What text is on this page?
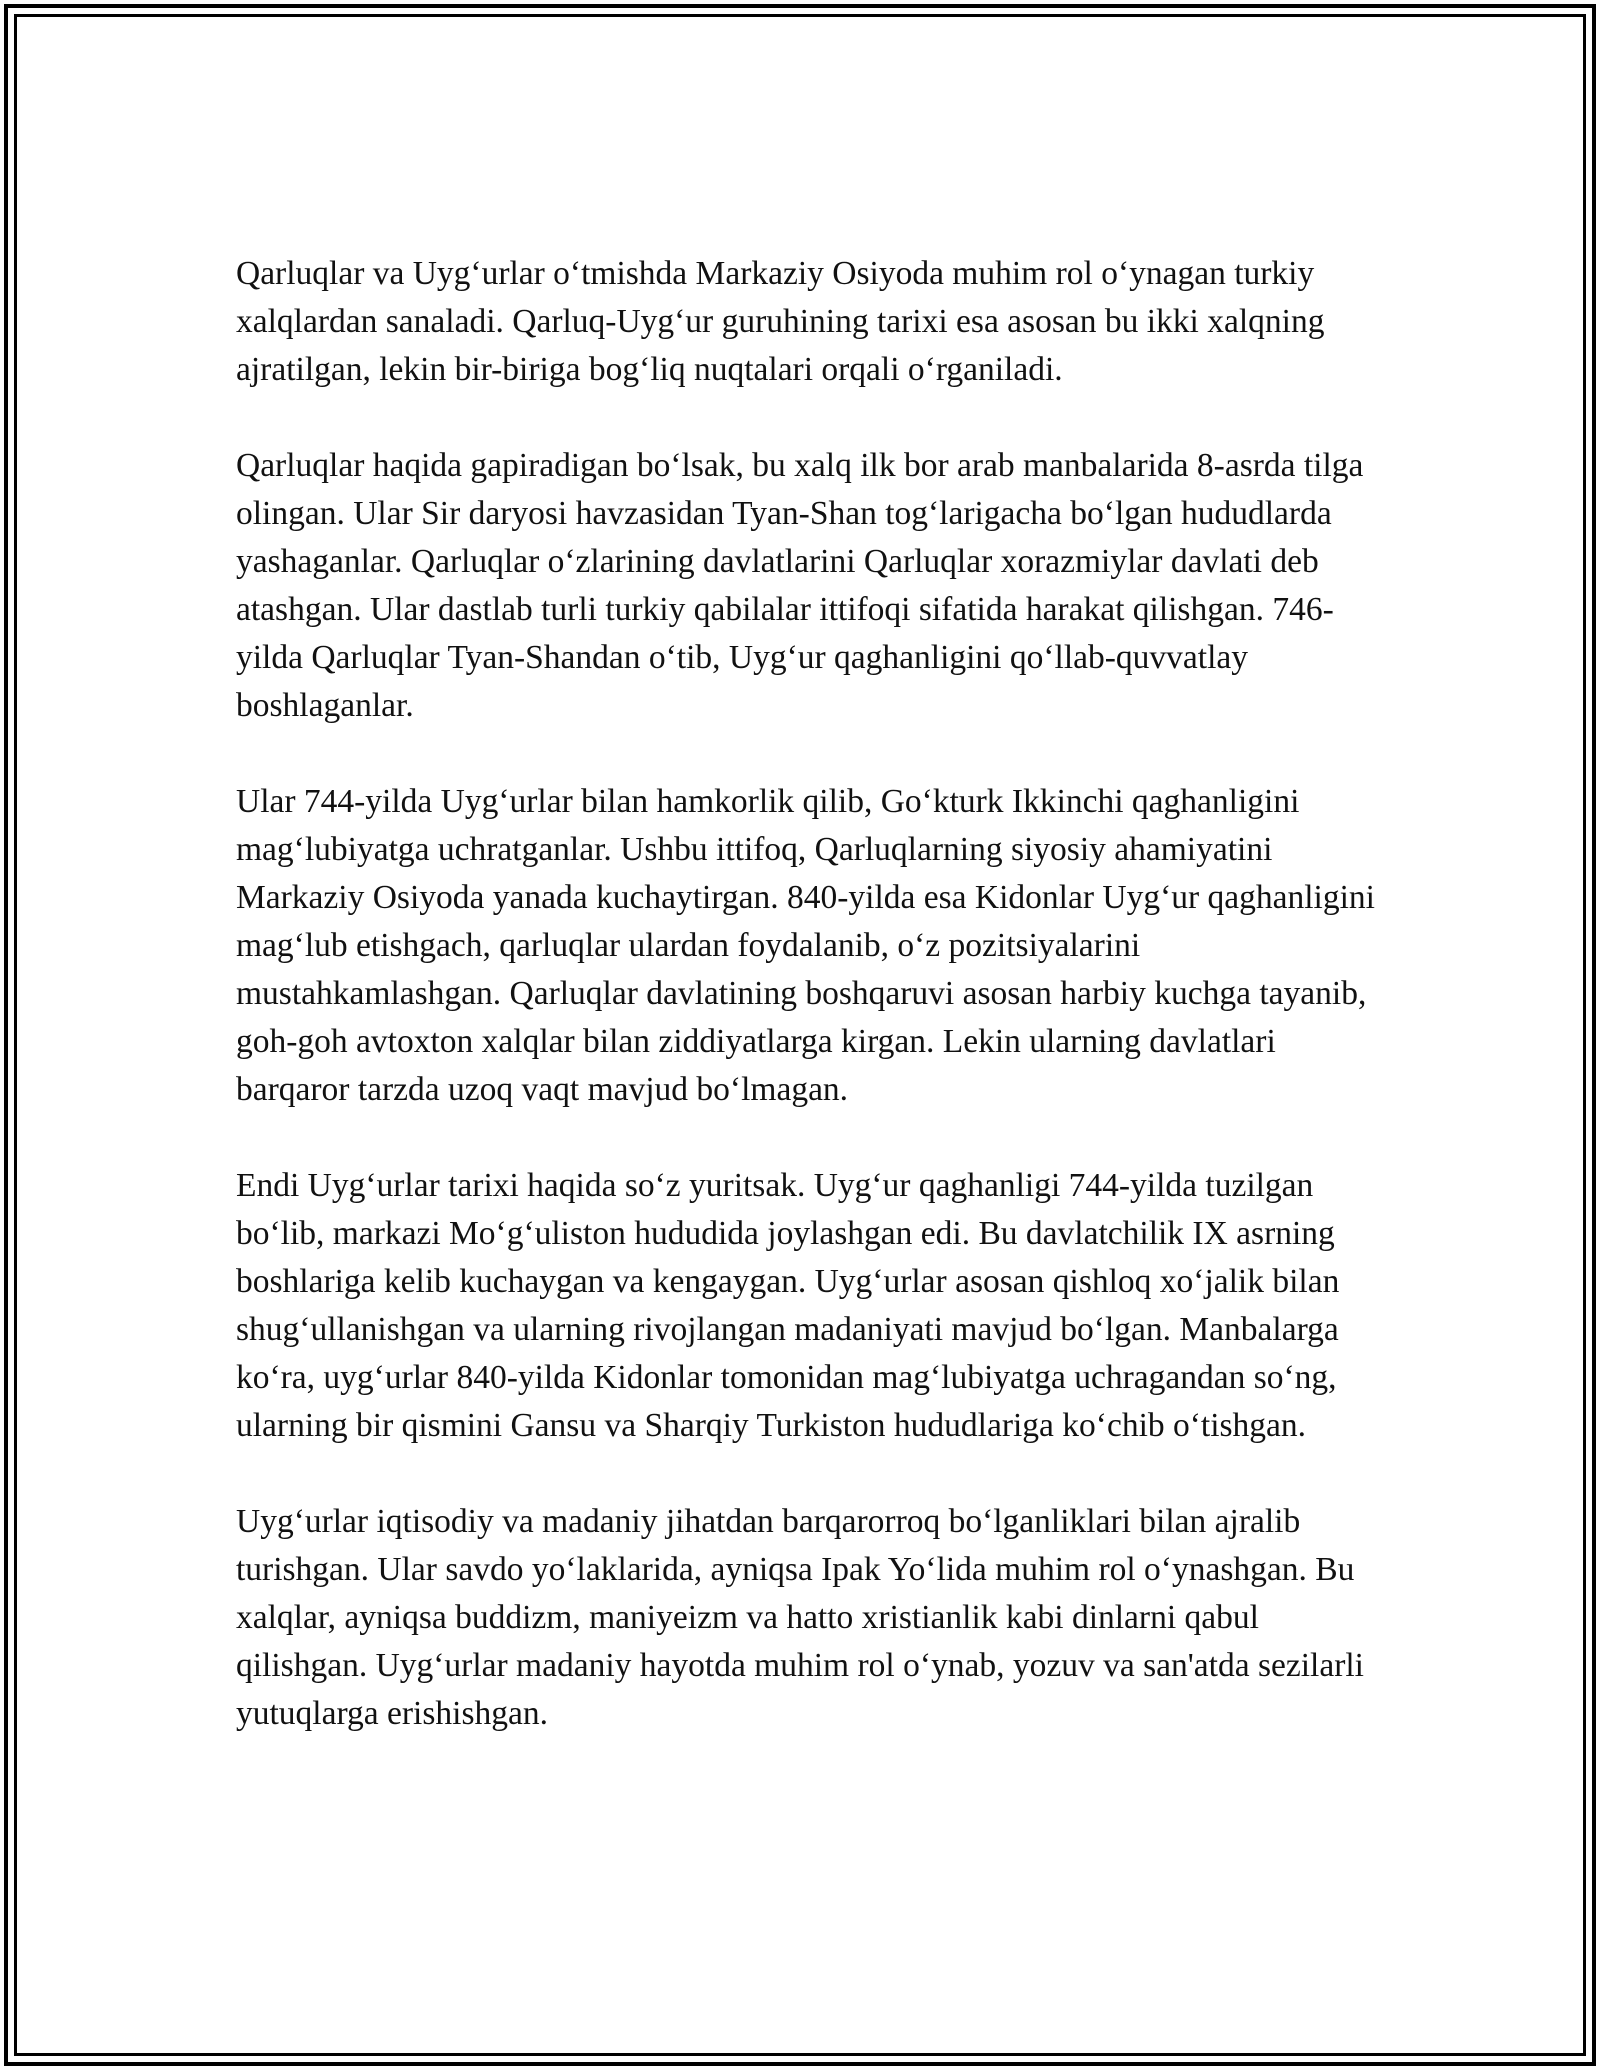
Qarluqlar va Uyg‘urlar o‘tmishda Markaziy Osiyoda muhim rol o‘ynagan turkiy xalqlardan sanaladi. Qarluq-Uyg‘ur guruhining tarixi esa asosan bu ikki xalqning ajratilgan, lekin bir-biriga bog‘liq nuqtalari orqali o‘rganiladi.

Qarluqlar haqida gapiradigan bo‘lsak, bu xalq ilk bor arab manbalarida 8-asrda tilga olingan. Ular Sir daryosi havzasidan Tyan-Shan tog‘larigacha bo‘lgan hududlarda yashaganlar. Qarluqlar o‘zlarining davlatlarini Qarluqlar xorazmiylar davlati deb atashgan. Ular dastlab turli turkiy qabilalar ittifoqi sifatida harakat qilishgan. 746-yilda Qarluqlar Tyan-Shandan o‘tib, Uyg‘ur qaghanligini qo‘llab-quvvatlay boshlaganlar.

Ular 744-yilda Uyg‘urlar bilan hamkorlik qilib, Go‘kturk Ikkinchi qaghanligini mag‘lubiyatga uchratganlar. Ushbu ittifoq, Qarluqlarning siyosiy ahamiyatini Markaziy Osiyoda yanada kuchaytirgan. 840-yilda esa Kidonlar Uyg‘ur qaghanligini mag‘lub etishgach, qarluqlar ulardan foydalanib, o‘z pozitsiyalarini mustahkamlashgan. Qarluqlar davlatining boshqaruvi asosan harbiy kuchga tayanib, goh-goh avtoxton xalqlar bilan ziddiyatlarga kirgan. Lekin ularning davlatlari barqaror tarzda uzoq vaqt mavjud bo‘lmagan.

Endi Uyg‘urlar tarixi haqida so‘z yuritsak. Uyg‘ur qaghanligi 744-yilda tuzilgan bo‘lib, markazi Mo‘g‘uliston hududida joylashgan edi. Bu davlatchilik IX asrning boshlariga kelib kuchaygan va kengaygan. Uyg‘urlar asosan qishloq xo‘jalik bilan shug‘ullanishgan va ularning rivojlangan madaniyati mavjud bo‘lgan. Manbalarga ko‘ra, uyg‘urlar 840-yilda Kidonlar tomonidan mag‘lubiyatga uchragandan so‘ng, ularning bir qismini Gansu va Sharqiy Turkiston hududlariga ko‘chib o‘tishgan.

Uyg‘urlar iqtisodiy va madaniy jihatdan barqarorroq bo‘lganliklari bilan ajralib turishgan. Ular savdo yo‘laklarida, ayniqsa Ipak Yo‘lida muhim rol o‘ynashgan. Bu xalqlar, ayniqsa buddizm, maniyeizm va hatto xristianlik kabi dinlarni qabul qilishgan. Uyg‘urlar madaniy hayotda muhim rol o‘ynab, yozuv va san'atda sezilarli yutuqlarga erishishgan.
